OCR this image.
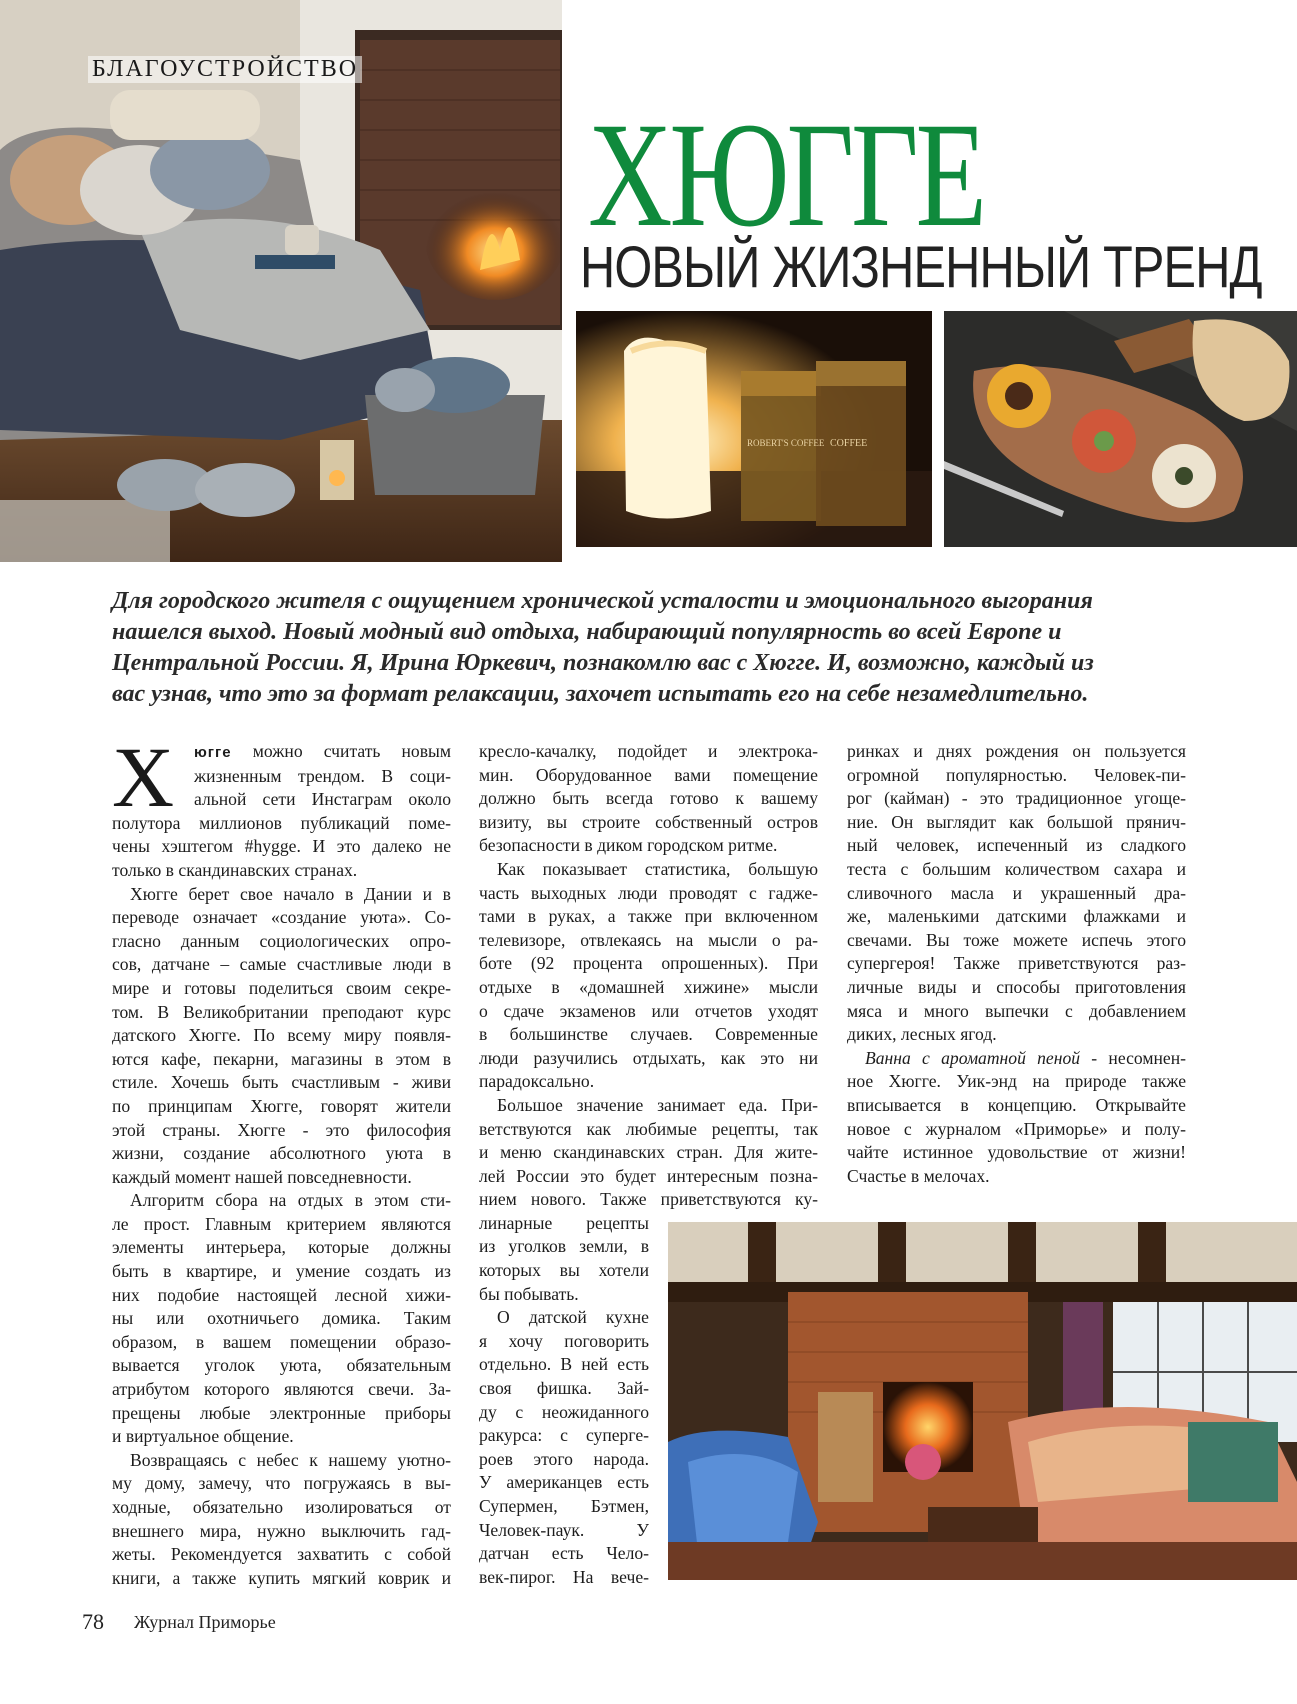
БЛАГОУСТРОЙСТВО
ХЮГГЕ
НОВЫЙ ЖИЗНЕННЫЙ ТРЕНД
ROBERT'S COFFEE COFFEE

Для городского жителя с ощущением хронической усталости и эмоционального выгорания

нашелся выход. Новый модный вид отдыха, набирающий популярность во всей Европе и

Центральной России. Я, Ирина Юркевич, познакомлю вас с Хюгге. И, возможно, каждый из

вас узнав, что это за формат релаксации, захочет испытать его на себе незамедлительно.

Х	югге можно считать новым
жизненным трендом. В соци-
альной сети Инстаграм около
полутора миллионов публикаций поме-
чены хэштегом #hygge. И это далеко не
только в скандинавских странах.
Хюгге берет свое начало в Дании и в
переводе означает «создание уюта». Со-
гласно данным социологических опро-
сов, датчане – самые счастливые люди в
мире и готовы поделиться своим секре-
том. В Великобритании преподают курс
датского Хюгге. По всему миру появля-
ются кафе, пекарни, магазины в этом в
стиле. Хочешь быть счастливым - живи
по принципам Хюгге, говорят жители
этой страны. Хюгге - это философия
жизни, создание абсолютного уюта в
каждый момент нашей повседневности.
Алгоритм сбора на отдых в этом сти-
ле прост. Главным критерием являются
элементы интерьера, которые должны
быть в квартире, и умение создать из
них подобие настоящей лесной хижи-
ны или охотничьего домика. Таким
образом, в вашем помещении образо-
вывается уголок уюта, обязательным
атрибутом которого являются свечи. За-
прещены любые электронные приборы
и виртуальное общение.
Возвращаясь с небес к нашему уютно-
му дому, замечу, что погружаясь в вы-
ходные, обязательно изолироваться от
внешнего мира, нужно выключить гад-
жеты. Рекомендуется захватить с собой
книги, а также купить мягкий коврик и
кресло-качалку, подойдет и электрока-
мин. Оборудованное вами помещение
должно быть всегда готово к вашему
визиту, вы строите собственный остров
безопасности в диком городском ритме.
Как показывает статистика, большую
часть выходных люди проводят с гадже-
тами в руках, а также при включенном
телевизоре, отвлекаясь на мысли о ра-
боте (92 процента опрошенных). При
отдыхе в «домашней хижине» мысли
о сдаче экзаменов или отчетов уходят
в большинстве случаев. Современные
люди разучились отдыхать, как это ни
парадоксально.
Большое значение занимает еда. При-
ветствуются как любимые рецепты, так
и меню скандинавских стран. Для жите-
лей России это будет интересным позна-
нием нового. Также приветствуются ку-
линарные рецепты
из уголков земли, в
которых вы хотели
бы побывать.
О датской кухне
я хочу поговорить
отдельно. В ней есть
своя фишка. Зай-
ду с неожиданного
ракурса: с суперге-
роев этого народа.
У американцев есть
Супермен, Бэтмен,
Человек-паук. У
датчан есть Чело-
век-пирог. На вече-
ринках и днях рождения он пользуется
огромной популярностью. Человек-пи-
рог (кайман) - это традиционное угоще-
ние. Он выглядит как большой прянич-
ный человек, испеченный из сладкого
теста с большим количеством сахара и
сливочного масла и украшенный дра-
же, маленькими датскими флажками и
свечами. Вы тоже можете испечь этого
супергероя! Также приветствуются раз-
личные виды и способы приготовления
мяса и много выпечки с добавлением
диких, лесных ягод.
Ванна с ароматной пеной - несомнен-
ное Хюгге. Уик-энд на природе также
вписывается в концепцию. Открывайте
новое с журналом «Приморье» и полу-
чайте истинное удовольствие от жизни!
Счастье в мелочах.
78 Журнал Приморье
